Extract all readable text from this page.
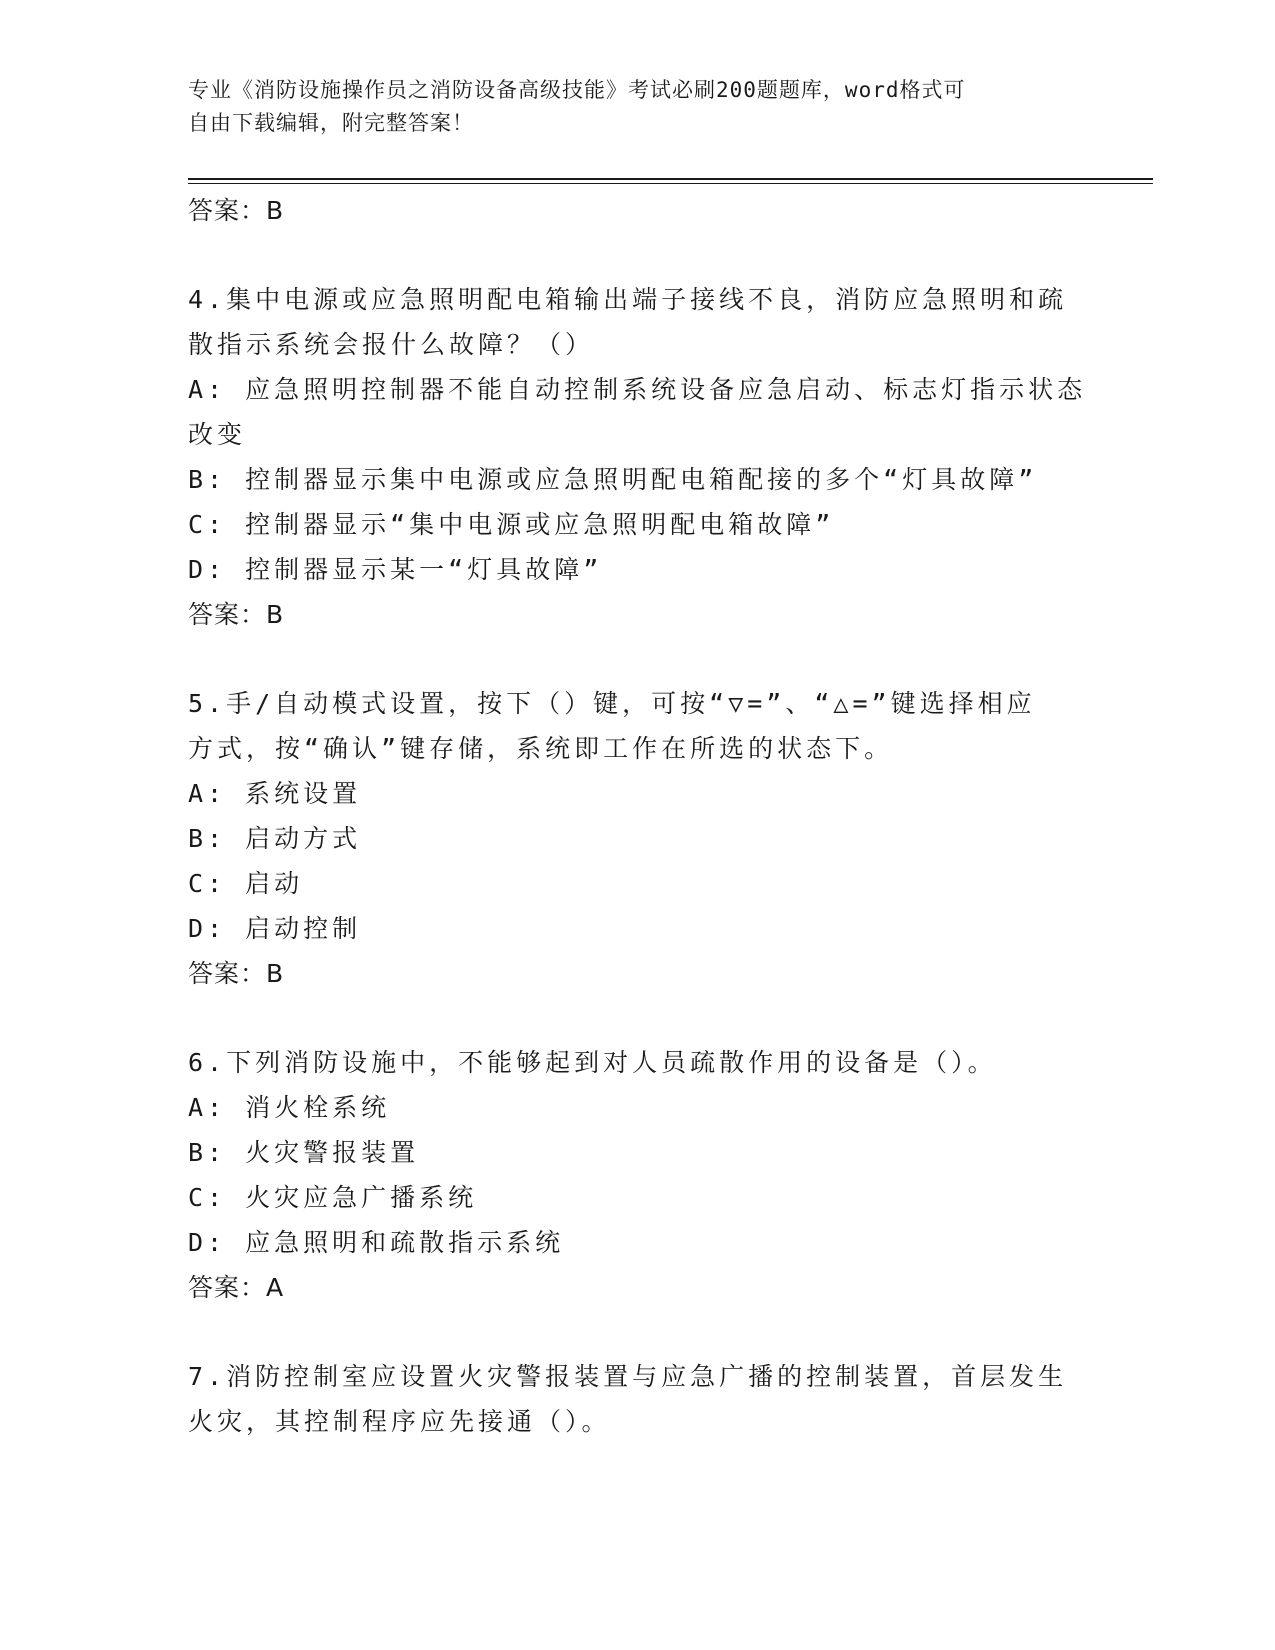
专业《消防设施操作员之消防设备高级技能》考试必刷200题题库，word格式可
自由下载编辑，附完整答案！
答案：B
4.集中电源或应急照明配电箱输出端子接线不良，消防应急照明和疏
散指示系统会报什么故障？（）
A: 应急照明控制器不能自动控制系统设备应急启动、标志灯指示状态
改变
B: 控制器显示集中电源或应急照明配电箱配接的多个“灯具故障”
C: 控制器显示“集中电源或应急照明配电箱故障”
D: 控制器显示某一“灯具故障”
答案：B
5.手/自动模式设置，按下（）键，可按“▽=”、“△=”键选择相应
方式，按“确认”键存储，系统即工作在所选的状态下。
A: 系统设置
B: 启动方式
C: 启动
D: 启动控制
答案：B
6.下列消防设施中，不能够起到对人员疏散作用的设备是（）。
A: 消火栓系统
B: 火灾警报装置
C: 火灾应急广播系统
D: 应急照明和疏散指示系统
答案：A
7.消防控制室应设置火灾警报装置与应急广播的控制装置，首层发生
火灾，其控制程序应先接通（）。
